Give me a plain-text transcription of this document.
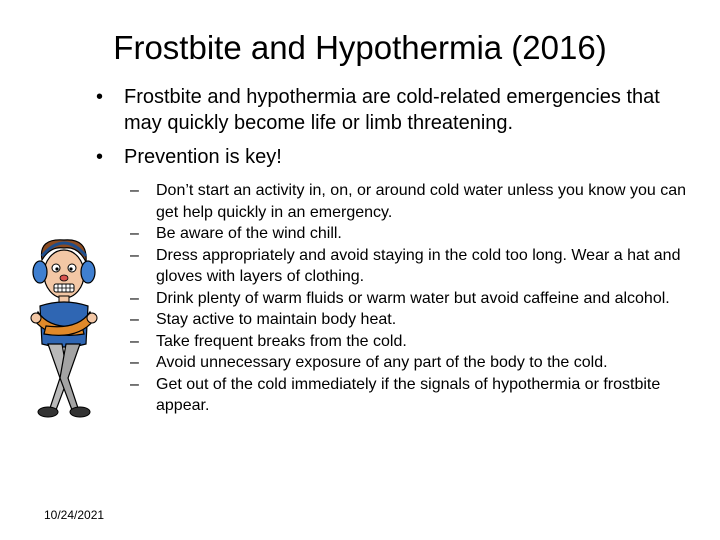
Frostbite and Hypothermia (2016)
• Frostbite and hypothermia are cold-related emergencies that may quickly become life or limb threatening.
• Prevention is key!
– Don’t start an activity in, on, or around cold water unless you know you can get help quickly in an emergency.
– Be aware of the wind chill.
– Dress appropriately and avoid staying in the cold too long. Wear a hat and gloves with layers of clothing.
– Drink plenty of warm fluids or warm water but avoid caffeine and alcohol.
– Stay active to maintain body heat.
– Take frequent breaks from the cold.
– Avoid unnecessary exposure of any part of the body to the cold.
– Get out of the cold immediately if the signals of hypothermia or frostbite appear.
10/24/2021
